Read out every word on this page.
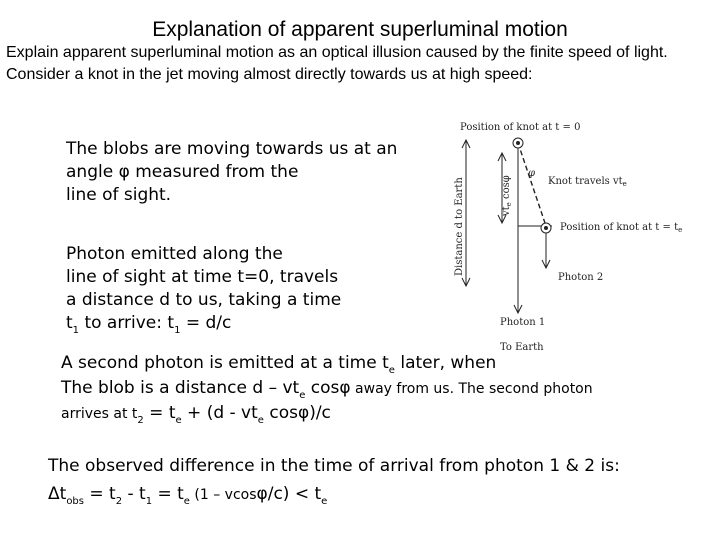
Explanation of apparent superluminal motion
Explain apparent superluminal motion as an optical illusion caused by the finite speed of light. Consider a knot in the jet moving almost directly towards us at high speed:
The blobs are moving towards us at an
angle φ measured from the
line of sight.
Photon emitted along the
line of sight at time t=0, travels
a distance d to us, taking a time
$t_1$ to arrive: $t_1 = d/c$
A second photon is emitted at a time $t_e$ later, when
The blob is a distance d – $vt_e$ cosφ away from us. The second photon
arrives at $t_2 = t_e + (d - vt_e$ cosφ)/c
The observed difference in the time of arrival from photon 1 & 2 is:
$\Delta t_{obs} = t_2 - t_1 = t_e$ $(1 - vcos\varphi/c) < t_e$
Distance d to Earth	$vt_e$ cosφ
φ
Position of knot at t = 0
Knot travels $vt_e$
Position of knot at $t = t_e$
Photon 2
Photon 1
To Earth
